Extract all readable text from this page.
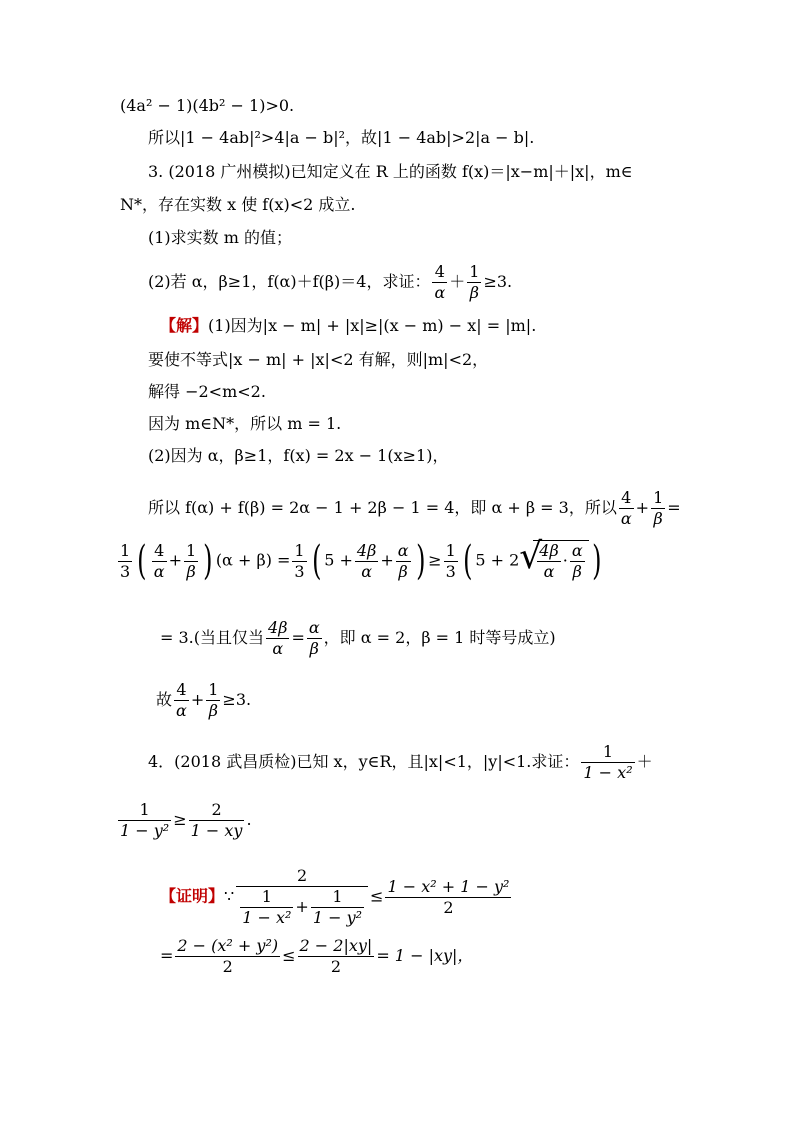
(4a² − 1)(4b² − 1)>0.
所以|1 − 4ab|²>4|a − b|²，故|1 − 4ab|>2|a − b|.
3. (2018 广州模拟)已知定义在 R 上的函数 f(x)＝|x−m|＋|x|，m∈
N*，存在实数 x 使 f(x)<2 成立.
(1)求实数 m 的值；
(2)若 α，β≥1，f(α)＋f(β)＝4，求证： $\frac{4}{\alpha} + \frac{1}{\beta} \ge 3$.
【解】(1)因为|x − m| + |x|≥|(x − m) − x| = |m|.
要使不等式|x − m| + |x|<2 有解，则|m|<2，
解得 −2<m<2.
因为 m∈N*，所以 m = 1.
(2)因为 α，β≥1，f(x) = 2x − 1(x≥1)，
所以 f(α) + f(β) = 2α − 1 + 2β − 1 = 4，即 α + β = 3，所以 $\frac{4}{\alpha} + \frac{1}{\beta}$ =
$\frac{1}{3}$ ( $\frac{4}{\alpha} + \frac{1}{\beta}$ ) $(\alpha + \beta) = \frac{1}{3}$ ( $5 + \frac{4\beta}{\alpha} + \frac{\alpha}{\beta}$ ) ≥ $\frac{1}{3}$ ( 5 + 2
√ $\frac{4\beta}{\alpha} \cdot \frac{\alpha}{\beta}$ )
= 3.(当且仅当 $\frac{4\beta}{\alpha} = \frac{\alpha}{\beta}$ ，即 α = 2，β = 1 时等号成立)
故 $\frac{4}{\alpha} + \frac{1}{\beta} \ge 3$.
4．(2018 武昌质检)已知 x，y∈R，且|x|<1，|y|<1.求证： $\frac{1}{\text{1 − x²}}$ ＋
$\frac{1}{\text{1 − y²}} \ge \frac{2}{1 - xy}$ .
【证明】∵ $\frac{2}{\frac{1}{\text{1 − x²}} + \frac{1}{\text{1 − y²}}} \le \frac{\text{1 − x² + 1 − y²}}{2}$
= $\frac{\text{2 − (x² + y²)}}{2} \le \frac{2 - 2|xy|}{2} = 1 - |xy|$，
